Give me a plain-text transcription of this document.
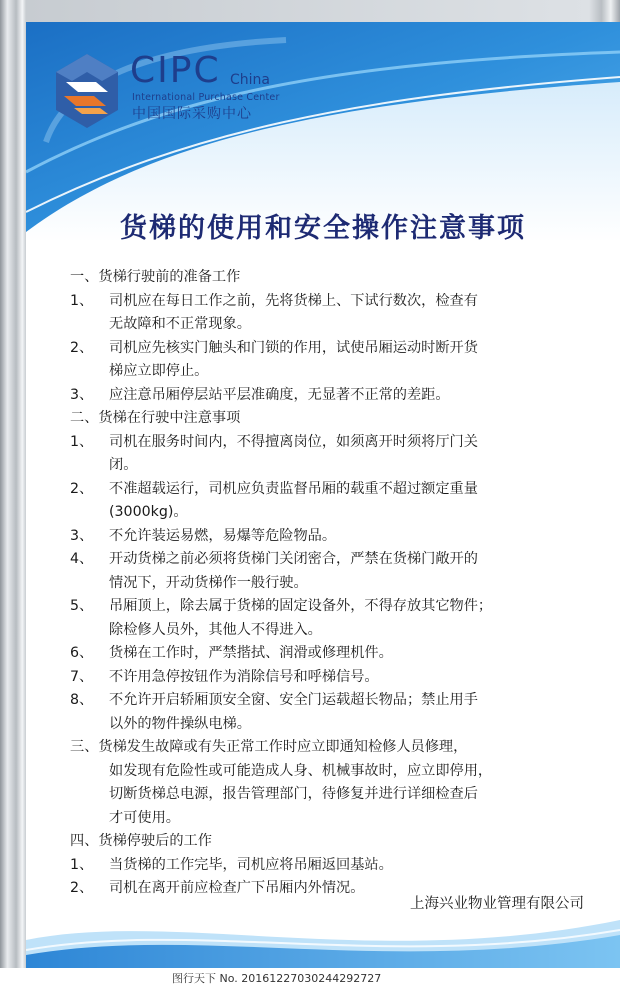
CIPC China
International Purchase Center
中国国际采购中心
货梯的使用和安全操作注意事项
一、货梯行驶前的准备工作
1、 司机应在每日工作之前，先将货梯上、下试行数次，检查有
无故障和不正常现象。
2、 司机应先核实门触头和门锁的作用，试使吊厢运动时断开货
梯应立即停止。
3、 应注意吊厢停层站平层准确度，无显著不正常的差距。
二、货梯在行驶中注意事项
1、 司机在服务时间内，不得擅离岗位，如须离开时须将厅门关
闭。
2、 不准超载运行，司机应负责监督吊厢的载重不超过额定重量
(3000kg)。
3、 不允许装运易燃，易爆等危险物品。
4、 开动货梯之前必须将货梯门关闭密合，严禁在货梯门敞开的
情况下，开动货梯作一般行驶。
5、 吊厢顶上，除去属于货梯的固定设备外，不得存放其它物件；
除检修人员外，其他人不得进入。
6、 货梯在工作时，严禁揩拭、润滑或修理机件。
7、 不许用急停按钮作为消除信号和呼梯信号。
8、 不允许开启轿厢顶安全窗、安全门运载超长物品；禁止用手
以外的物件操纵电梯。
三、货梯发生故障或有失正常工作时应立即通知检修人员修理，
如发现有危险性或可能造成人身、机械事故时，应立即停用，
切断货梯总电源，报告管理部门，待修复并进行详细检查后
才可使用。
四、货梯停驶后的工作
1、 当货梯的工作完毕，司机应将吊厢返回基站。
2、 司机在离开前应检查广下吊厢内外情况。
上海兴业物业管理有限公司
图行天下 No. 20161227030244292727
